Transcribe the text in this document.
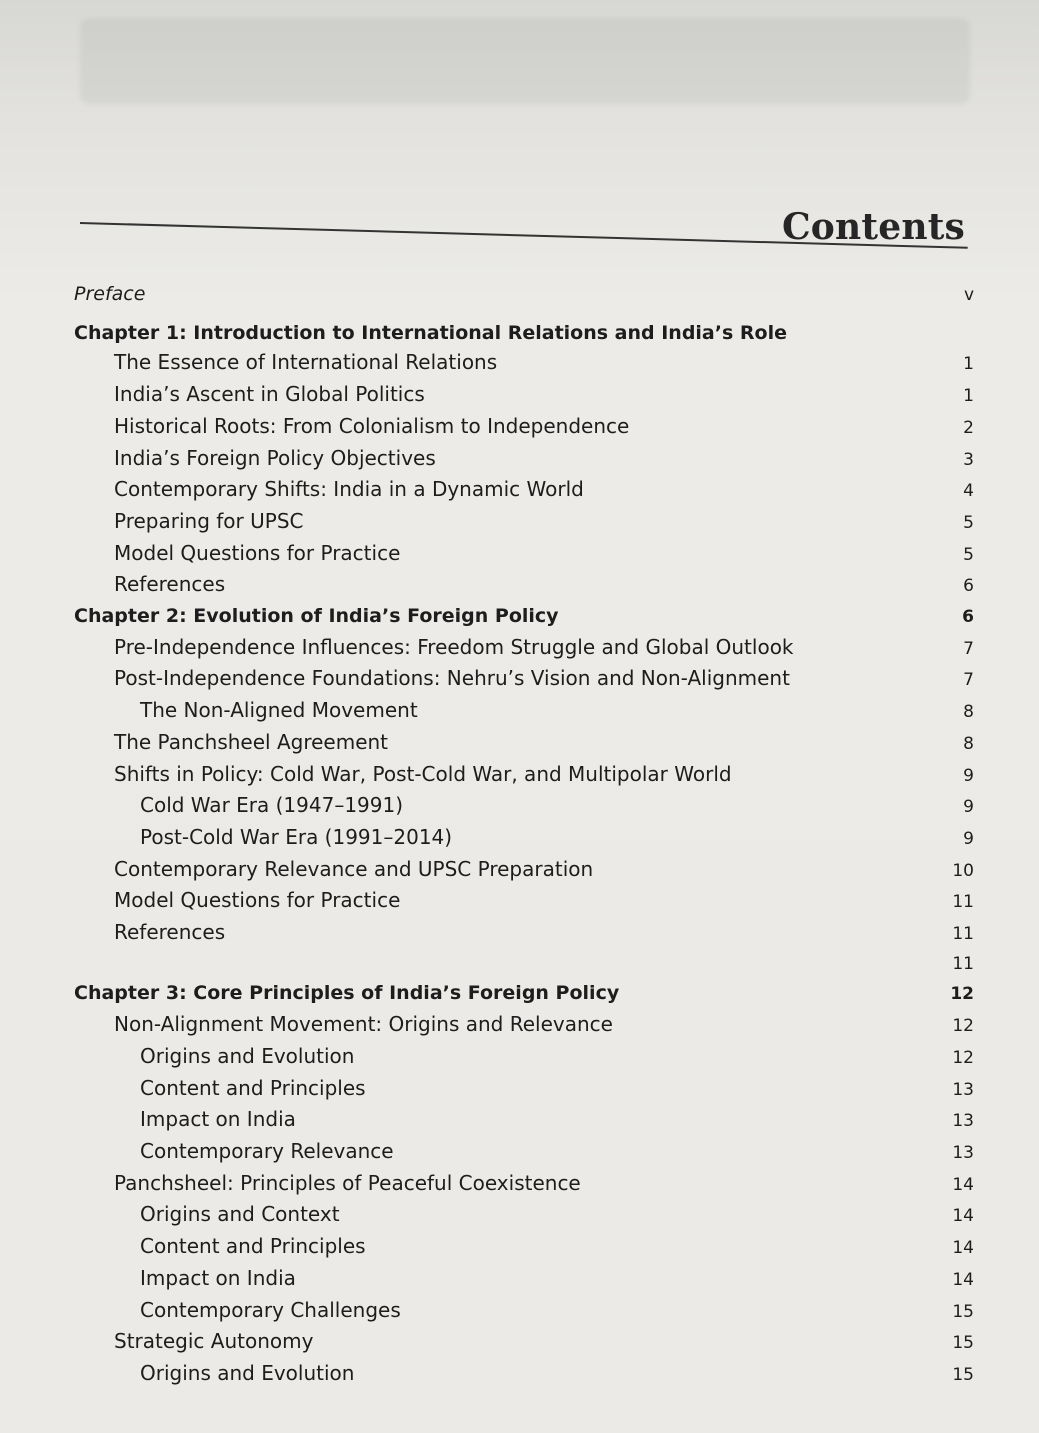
Contents
Preface	v
Chapter 1: Introduction to International Relations and India’s Role
The Essence of International Relations	1
India’s Ascent in Global Politics	1
Historical Roots: From Colonialism to Independence	2
India’s Foreign Policy Objectives	3
Contemporary Shifts: India in a Dynamic World	4
Preparing for UPSC	5
Model Questions for Practice	5
References	6
Chapter 2: Evolution of India’s Foreign Policy	6
Pre-Independence Influences: Freedom Struggle and Global Outlook	7
Post-Independence Foundations: Nehru’s Vision and Non-Alignment	7
The Non-Aligned Movement	8
The Panchsheel Agreement	8
Shifts in Policy: Cold War, Post-Cold War, and Multipolar World	9
Cold War Era (1947–1991)	9
Post-Cold War Era (1991–2014)	9
Contemporary Relevance and UPSC Preparation	10
Model Questions for Practice	11
References	11
11
Chapter 3: Core Principles of India’s Foreign Policy	12
Non-Alignment Movement: Origins and Relevance	12
Origins and Evolution	12
Content and Principles	13
Impact on India	13
Contemporary Relevance	13
Panchsheel: Principles of Peaceful Coexistence	14
Origins and Context	14
Content and Principles	14
Impact on India	14
Contemporary Challenges	15
Strategic Autonomy	15
Origins and Evolution	15
